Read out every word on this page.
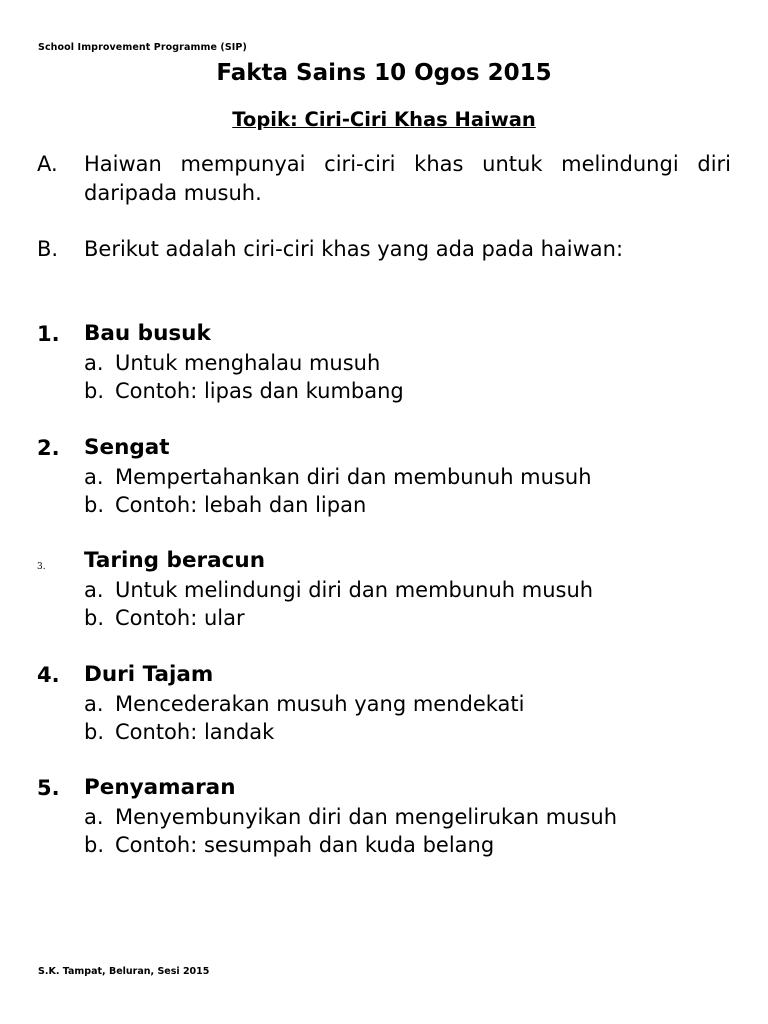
School Improvement Programme (SIP)
Fakta Sains 10 Ogos 2015
Topik: Ciri-Ciri Khas Haiwan
A. Haiwan mempunyai ciri-ciri khas untuk melindungi diri daripada musuh.
B. Berikut adalah ciri-ciri khas yang ada pada haiwan:
1. Bau busuk
a. Untuk menghalau musuh
b. Contoh: lipas dan kumbang
2. Sengat
a. Mempertahankan diri dan membunuh musuh
b. Contoh: lebah dan lipan
3. Taring beracun
a. Untuk melindungi diri dan membunuh musuh
b. Contoh: ular
4. Duri Tajam
a. Mencederakan musuh yang mendekati
b. Contoh: landak
5. Penyamaran
a. Menyembunyikan diri dan mengelirukan musuh
b. Contoh: sesumpah dan kuda belang
S.K. Tampat, Beluran, Sesi 2015
